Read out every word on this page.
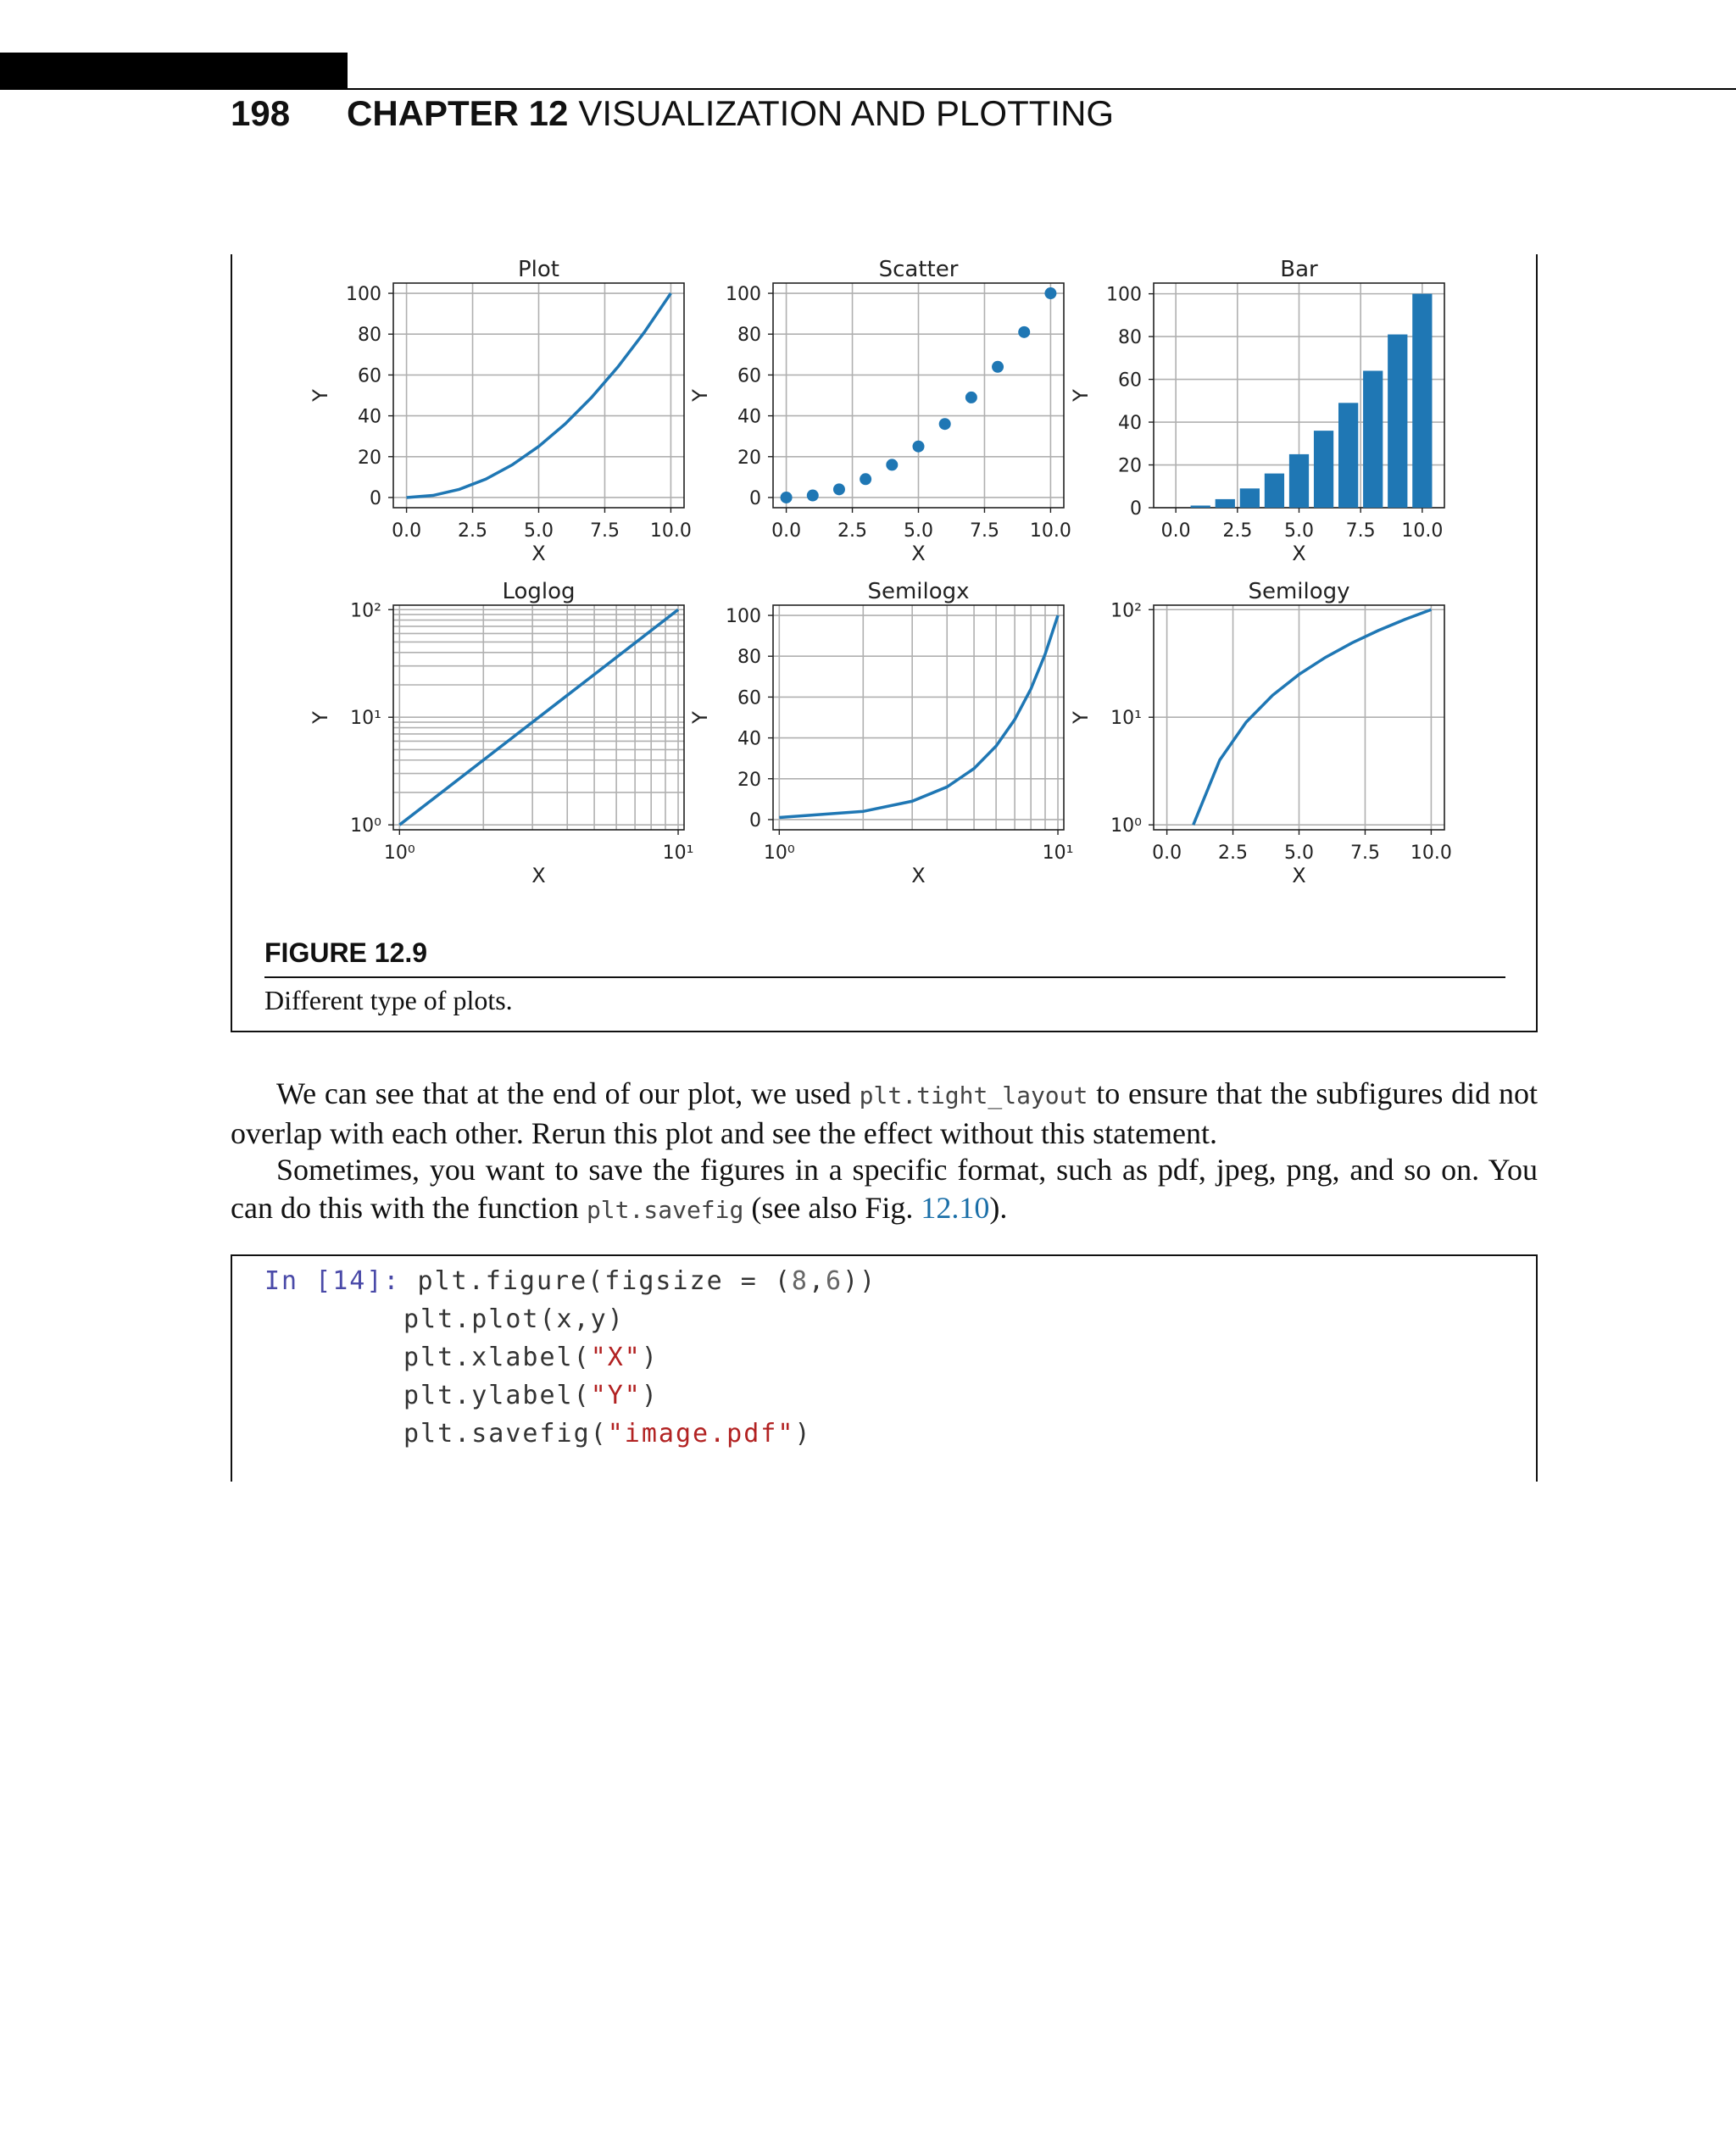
198 CHAPTER 12 VISUALIZATION AND PLOTTING
0.0 2.5 5.0 7.5 10.0
0
20
40
60
80
100
Plot
X
Y
0.0 2.5 5.0 7.5 10.0
0
20
40
60
80
100
Scatter
X
Y
0.0 2.5 5.0 7.5 10.0
0
20
40
60
80
100
Bar
X
Y
10⁰	10¹
10⁰
10¹
10²
Loglog
X
Y
10⁰	10¹
0
20
40
60
80
100
Semilogx
X
Y
0.0 2.5 5.0 7.5 10.0
10⁰
10¹
10²
Semilogy
X
Y
FIGURE 12.9
Different type of plots.
We can see that at the end of our plot, we used plt.tight_layout to ensure that the subfigures did not overlap with each other. Rerun this plot and see the effect without this statement.
Sometimes, you want to save the figures in a specific format, such as pdf, jpeg, png, and so on. You can do this with the function plt.savefig (see also Fig. 12.10).
In [14]: plt.figure(figsize = (8,6))
plt.plot(x,y)
plt.xlabel("X")
plt.ylabel("Y")
plt.savefig("image.pdf")
